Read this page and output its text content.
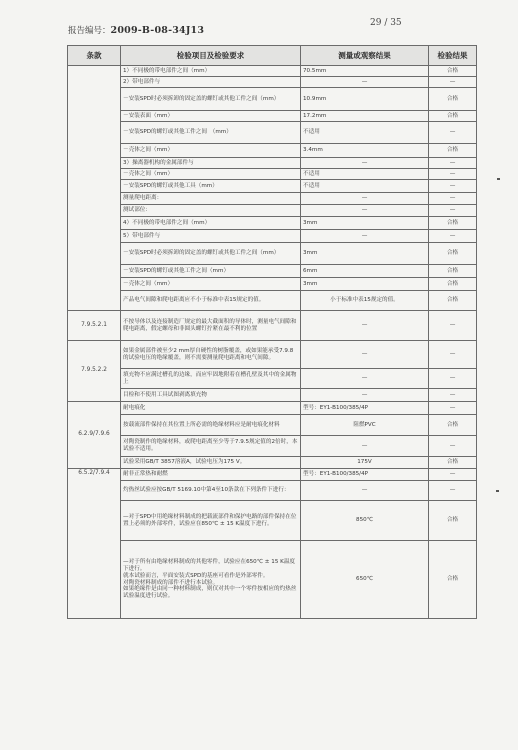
报告编号：2009-B-08-34J13
29 / 35
条款	检验项目及检验要求	测量或观察结果	检验结果
	1）不同极的带电部件之间（mm）	70.5mm	合格
	2）带电部件与	—	—
	－安装SPD时必须拆卸的固定盖的螺钉或其他工件之间（mm）	10.9mm	合格
	－安装表面（mm）	17.2mm	合格
	－安装SPD的螺钉或其他工件之间　（mm）	不适用	—
	－壳体之间（mm）	3.4mm	合格
	3）操离器机构的金属部件与	—	—
	－壳体之间（mm）	不适用	—
	－安装SPD的螺钉或其他工具（mm）	不适用	—
	测量爬电距离：	—	—
	测试部位：	—	—
	4）不同极的带电部件之间（mm）	3mm	合格
	5）带电部件与	—	—
	－安装SPD时必须拆卸的固定盖的螺钉或其他工件之间（mm）	3mm	合格
	－安装SPD的螺钉或其他工件之间（mm）	6mm	合格
	－壳体之间（mm）	3mm	合格
	产品电气间隙和爬电距离应不小于标准中表15规定的值。	小于标准中表15规定的值。	合格
7.9.5.2.1	不按导体以及连接制造厂规定的最大截面积的导体时，测量电气间隙和爬电距离，假定螺母和非圆头螺钉拧紧在最不利的位置	—	—
7.9.5.2.2	如果金属部件被至少2 mm厚自硬性的树脂覆盖，或如果能承受7.9.8的试验电压的绝缘覆盖，则不需要测量爬电距离和电气间隙。	—	—
	填充物不应满过槽孔的边缘，而应牢固地附着在槽孔壁及其中的金属物上	—	—
	目检和不使用工具试图剥离填充物	—	—
6.2.9/7.9.6	耐电痕化	型号：EY1-B100/385/4P	—
	按载流部件保持在其位置上所必需的绝缘材料应是耐电痕化材料	阻燃PVC	合格
	对陶瓷制作的绝缘材料，或爬电距离至少等于7.9.5规定值的2倍时，本试验不适用。	—	—
	试验采用GB/T 3857溶液A，试验电压为175 V。	175V	合格
6.5.2/7.9.4	耐非正常热和耐燃	型号：EY1-B100/385/4P	—
	灼热丝试验应按GB/T 5169.10中第4至10条款在下列条件下进行：	—	—
	—对于SPD中用绝缘材料制成的把载流部件和保护电路的部件保持在位置上必须的外部零件，试验应在850℃ ± 15 K温度下进行。	850℃	合格
	—对于所有由绝缘材料制成的其他零件，试验应在650℃ ± 15 K温度下进行。
就本试验而言，平面安装式SPD的基座可看作是外部零件。
对陶瓷材料制成的部件不进行本试验。
如果绝缘件是由同一种材料制成，则仅对其中一个零件按相应的灼热丝试验温度进行试验。	650℃	合格
